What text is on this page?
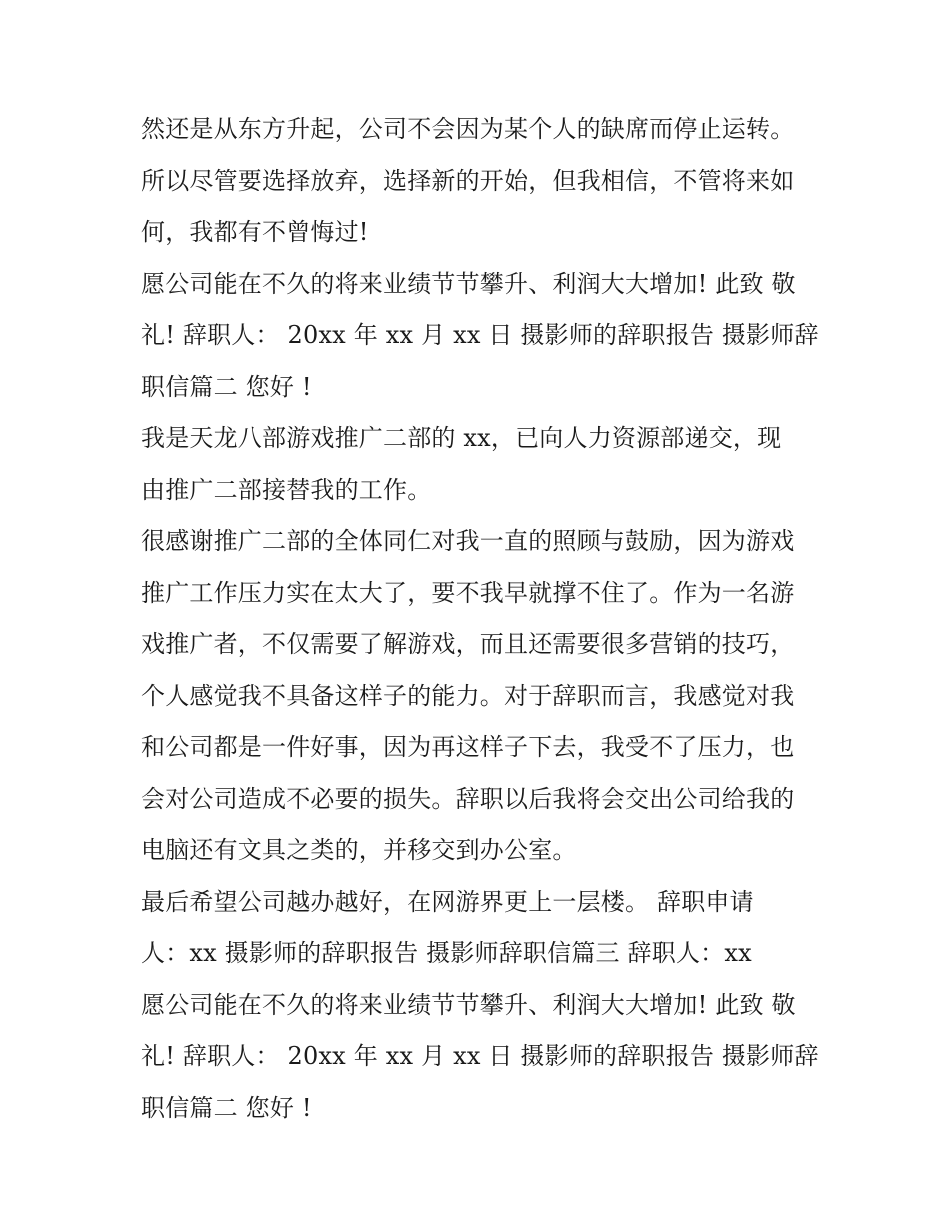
然还是从东方升起，公司不会因为某个人的缺席而停止运转。
所以尽管要选择放弃，选择新的开始，但我相信，不管将来如
何，我都有不曾悔过!
愿公司能在不久的将来业绩节节攀升、利润大大增加! 此致 敬
礼! 辞职人： 20xx 年 xx 月 xx 日 摄影师的辞职报告 摄影师辞
职信篇二 您好 !
我是天龙八部游戏推广二部的 xx，已向人力资源部递交，现
由推广二部接替我的工作。
很感谢推广二部的全体同仁对我一直的照顾与鼓励，因为游戏
推广工作压力实在太大了，要不我早就撑不住了。作为一名游
戏推广者，不仅需要了解游戏，而且还需要很多营销的技巧，
个人感觉我不具备这样子的能力。对于辞职而言，我感觉对我
和公司都是一件好事，因为再这样子下去，我受不了压力，也
会对公司造成不必要的损失。辞职以后我将会交出公司给我的
电脑还有文具之类的，并移交到办公室。
最后希望公司越办越好，在网游界更上一层楼。 辞职申请
人：xx 摄影师的辞职报告 摄影师辞职信篇三 辞职人：xx
愿公司能在不久的将来业绩节节攀升、利润大大增加! 此致 敬
礼! 辞职人： 20xx 年 xx 月 xx 日 摄影师的辞职报告 摄影师辞
职信篇二 您好 !
